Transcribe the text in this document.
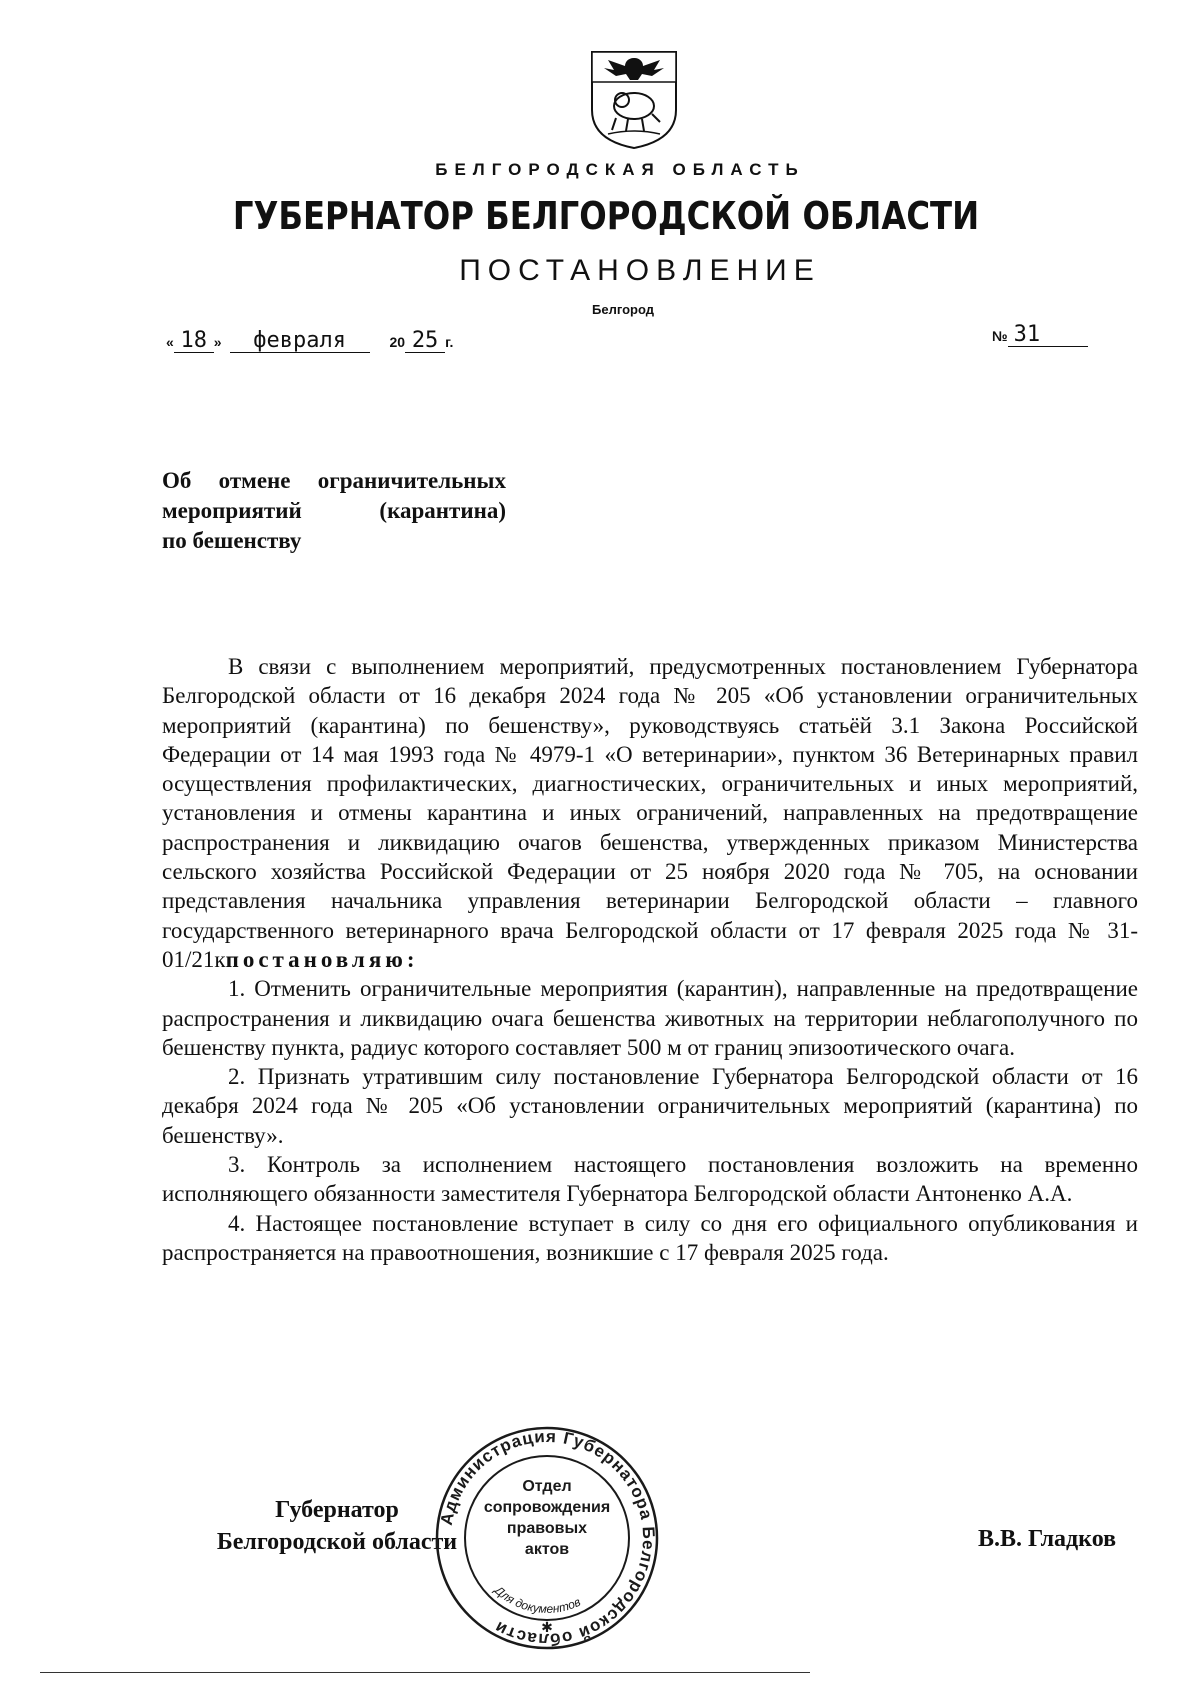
БЕЛГОРОДСКАЯ ОБЛАСТЬ
ГУБЕРНАТОР БЕЛГОРОДСКОЙ ОБЛАСТИ
ПОСТАНОВЛЕНИЕ
Белгород
« 18 » февраля	20 25 г.	№ 31
Об отмене ограничительных
мероприятий (карантина)
по бешенству

В связи с выполнением мероприятий, предусмотренных постановлением Губернатора Белгородской области от 16 декабря 2024 года № 205 «Об установлении ограничительных мероприятий (карантина) по бешенству», руководствуясь статьёй 3.1 Закона Российской Федерации от 14 мая 1993 года № 4979-1 «О ветеринарии», пунктом 36 Ветеринарных правил осуществления профилактических, диагностических, ограничительных и иных мероприятий, установления и отмены карантина и иных ограничений, направленных на предотвращение распространения и ликвидацию очагов бешенства, утвержденных приказом Министерства сельского хозяйства Российской Федерации от 25 ноября 2020 года № 705, на основании представления начальника управления ветеринарии Белгородской области – главного государственного ветеринарного врача Белгородской области от 17 февраля 2025 года № 31-01/21кпостановляю:

1. Отменить ограничительные мероприятия (карантин), направленные на предотвращение распространения и ликвидацию очага бешенства животных на территории неблагополучного по бешенству пункта, радиус которого составляет 500 м от границ эпизоотического очага.

2. Признать утратившим силу постановление Губернатора Белгородской области от 16 декабря 2024 года № 205 «Об установлении ограничительных мероприятий (карантина) по бешенству».

3. Контроль за исполнением настоящего постановления возложить на временно исполняющего обязанности заместителя Губернатора Белгородской области Антоненко А.А.

4. Настоящее постановление вступает в силу со дня его официального опубликования и распространяется на правоотношения, возникшие с 17 февраля 2025 года.

Губернатор
Белгородской области	В.В. Гладков
Администрация Губернатора Белгородской области
Для документов
✱
Отдел
сопровождения
правовых
актов
